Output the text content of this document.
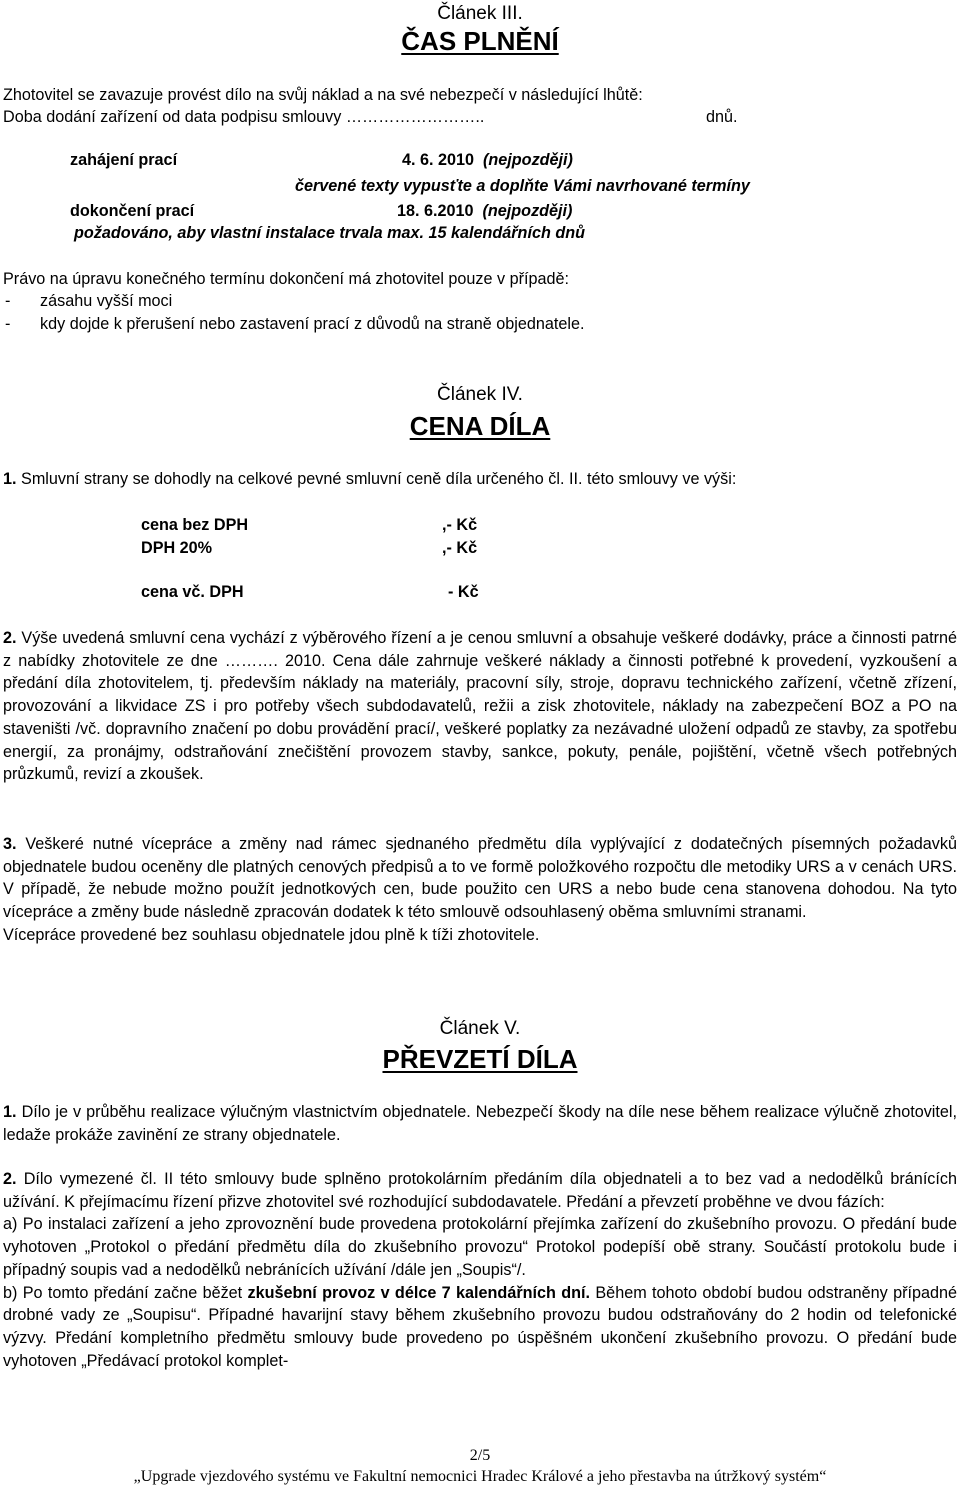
Článek III.
ČAS PLNĚNÍ
Zhotovitel se zavazuje provést dílo na svůj náklad a na své nebezpečí v následující lhůtě:
Doba dodání zařízení od data podpisu smlouvy ……………………..	dnů.
zahájení prací	4. 6. 2010 (nejpozději)
červené texty vypusťte a doplňte Vámi navrhované termíny
dokončení prací	18. 6.2010 (nejpozději)
požadováno, aby vlastní instalace trvala max. 15 kalendářních dnů
Právo na úpravu konečného termínu dokončení má zhotovitel pouze v případě:
- zásahu vyšší moci
- kdy dojde k přerušení nebo zastavení prací z důvodů na straně objednatele.
Článek IV.
CENA DÍLA
1. Smluvní strany se dohodly na celkové pevné smluvní ceně díla určeného čl. II. této smlouvy ve výši:
cena bez DPH	,- Kč
DPH 20%	,- Kč
cena vč. DPH	- Kč

2. Výše uvedená smluvní cena vychází z výběrového řízení a je cenou smluvní a obsahuje veškeré dodávky, práce a činnosti patrné z nabídky zhotovitele ze dne ………. 2010. Cena dále zahrnuje veškeré náklady a činnosti potřebné k provedení, vyzkoušení a předání díla zhotovitelem, tj. především náklady na materiály, pracovní síly, stroje, dopravu technického zařízení, včetně zřízení, provozování a likvidace ZS i pro potřeby všech subdodavatelů, režii a zisk zhotovitele, náklady na zabezpečení BOZ a PO na staveništi /vč. dopravního značení po dobu provádění prací/, veškeré poplatky za nezávadné uložení odpadů ze stavby, za spotřebu energií, za pronájmy, odstraňování znečištění provozem stavby, sankce, pokuty, penále, pojištění, včetně všech potřebných průzkumů, revizí a zkoušek.

3. Veškeré nutné vícepráce a změny nad rámec sjednaného předmětu díla vyplývající z dodatečných písemných požadavků objednatele budou oceněny dle platných cenových předpisů a to ve formě položkového rozpočtu dle metodiky URS a v cenách URS. V případě, že nebude možno použít jednotkových cen, bude použito cen URS a nebo bude cena stanovena dohodou. Na tyto vícepráce a změny bude následně zpracován dodatek k této smlouvě odsouhlasený oběma smluvními stranami.

Vícepráce provedené bez souhlasu objednatele jdou plně k tíži zhotovitele.

Článek V.
PŘEVZETÍ DÍLA

1. Dílo je v průběhu realizace výlučným vlastnictvím objednatele. Nebezpečí škody na díle nese během realizace výlučně zhotovitel, ledaže prokáže zavinění ze strany objednatele.

2. Dílo vymezené čl. II této smlouvy bude splněno protokolárním předáním díla objednateli a to bez vad a nedodělků bránících užívání. K přejímacímu řízení přizve zhotovitel své rozhodující subdodavatele. Předání a převzetí proběhne ve dvou fázích:

a) Po instalaci zařízení a jeho zprovoznění bude provedena protokolární přejímka zařízení do zkušebního provozu. O předání bude vyhotoven „Protokol o předání předmětu díla do zkušebního provozu“ Protokol podepíší obě strany. Součástí protokolu bude i případný soupis vad a nedodělků nebránících užívání /dále jen „Soupis“/.

b) Po tomto předání začne běžet zkušební provoz v délce 7 kalendářních dní. Během tohoto období budou odstraněny případné drobné vady ze „Soupisu“. Případné havarijní stavy během zkušebního provozu budou odstraňovány do 2 hodin od telefonické výzvy. Předání kompletního předmětu smlouvy bude provedeno po úspěšném ukončení zkušebního provozu. O předání bude vyhotoven „Předávací protokol komplet-

2/5
„Upgrade vjezdového systému ve Fakultní nemocnici Hradec Králové a jeho přestavba na útržkový systém“
